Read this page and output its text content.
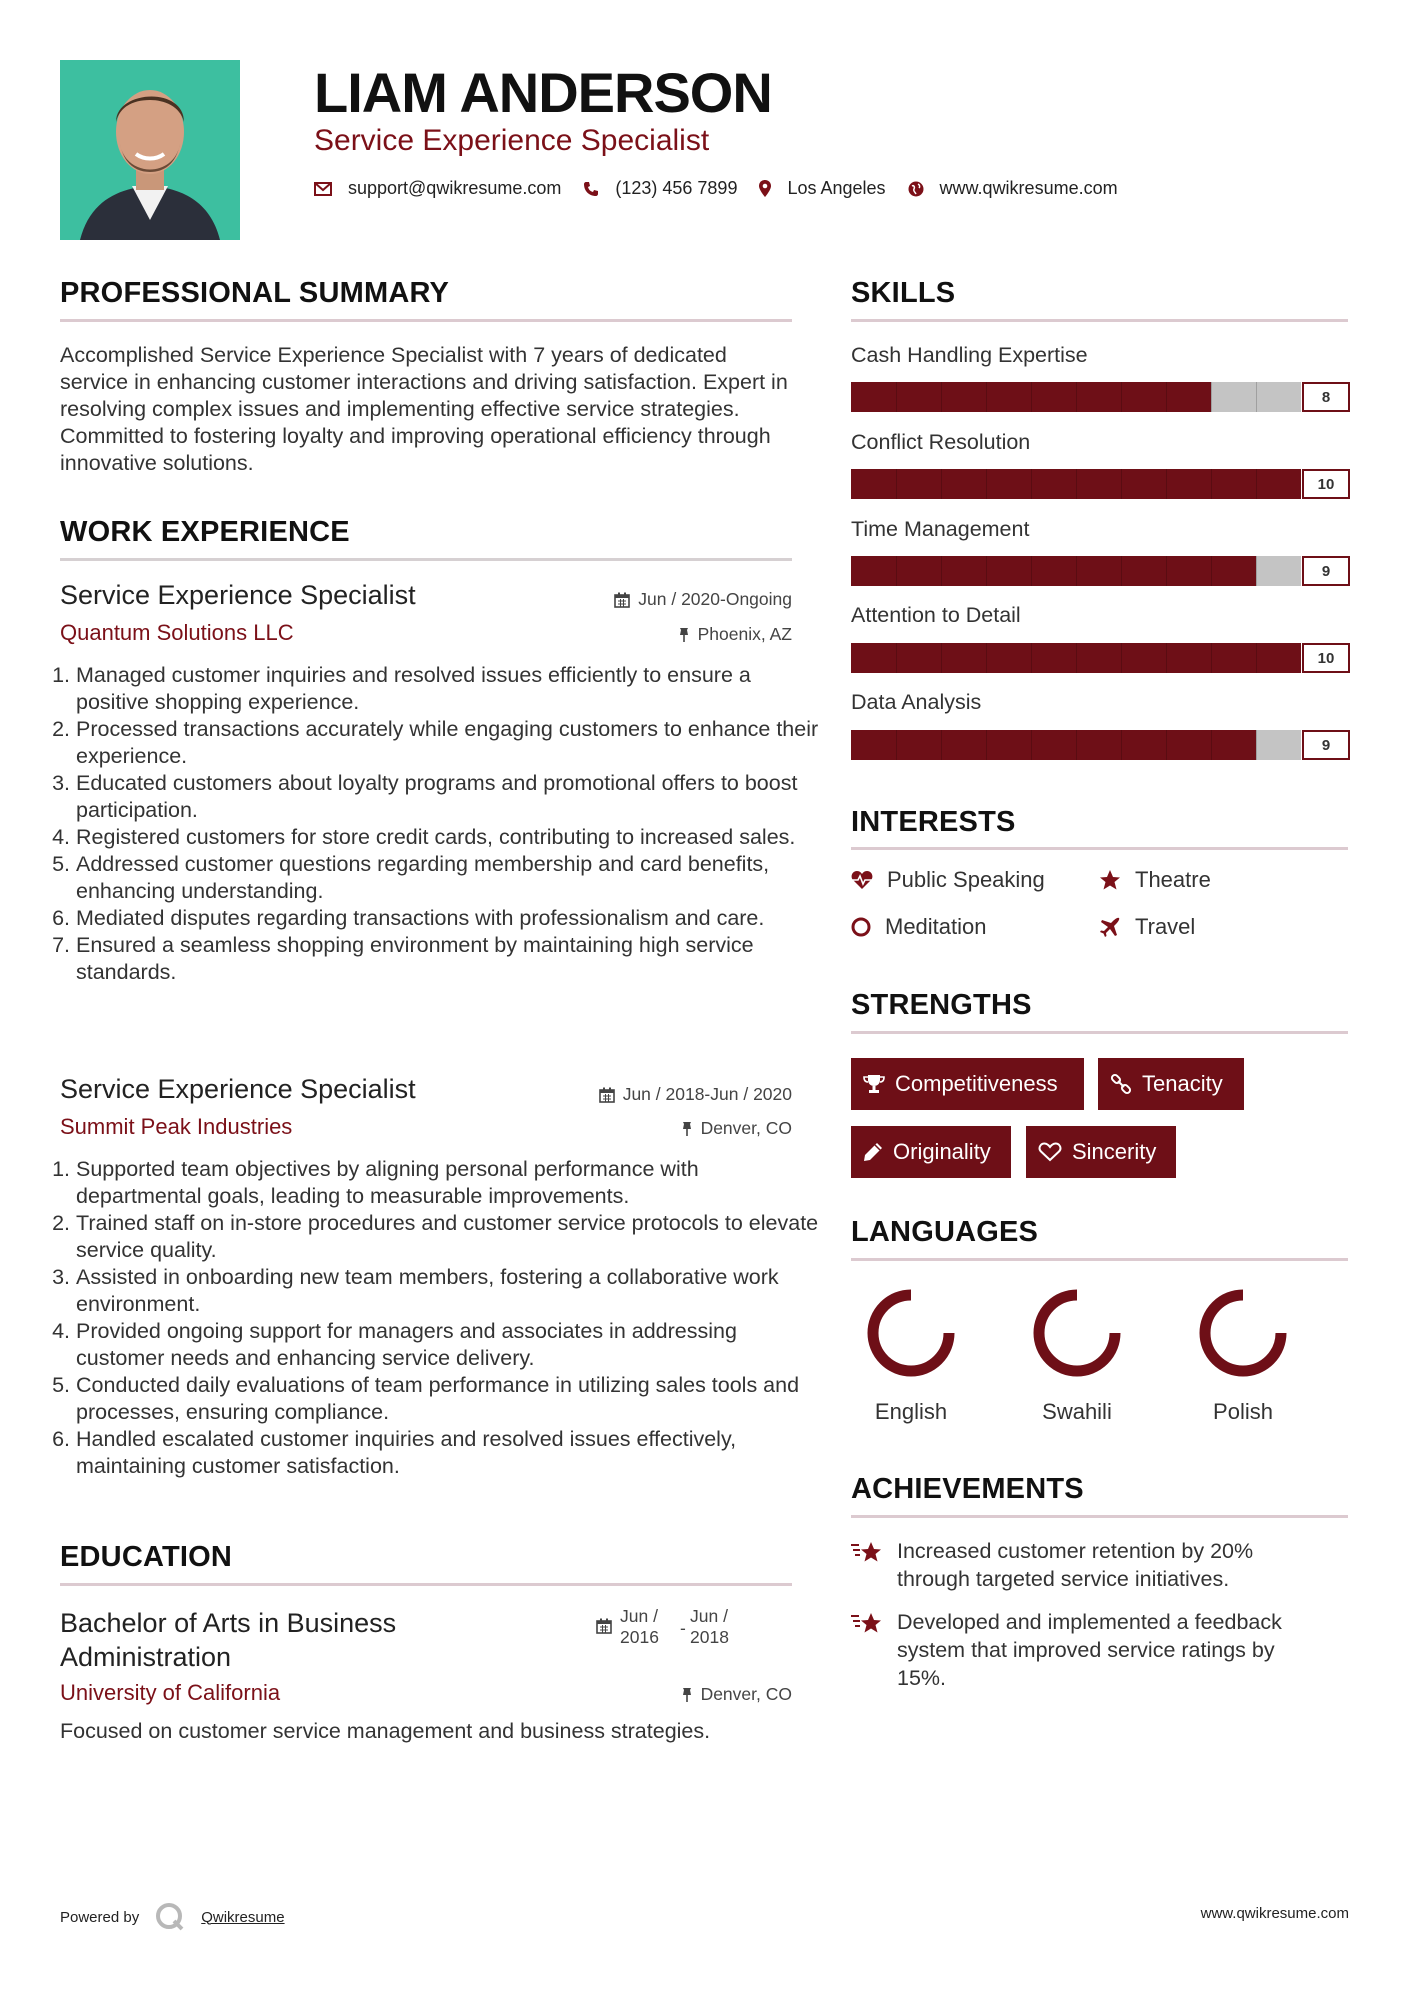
LIAM ANDERSON
Service Experience Specialist
support@qwikresume.com	(123) 456 7899	Los Angeles	www.qwikresume.com
PROFESSIONAL SUMMARY
Accomplished Service Experience Specialist with 7 years of dedicated service in enhancing customer interactions and driving satisfaction. Expert in resolving complex issues and implementing effective service strategies. Committed to fostering loyalty and improving operational efficiency through innovative solutions.
WORK EXPERIENCE
Service Experience Specialist	Jun / 2020-Ongoing
Quantum Solutions LLC	Phoenix, AZ
1. Managed customer inquiries and resolved issues efficiently to ensure a positive shopping experience.
2. Processed transactions accurately while engaging customers to enhance their experience.
3. Educated customers about loyalty programs and promotional offers to boost participation.
4. Registered customers for store credit cards, contributing to increased sales.
5. Addressed customer questions regarding membership and card benefits, enhancing understanding.
6. Mediated disputes regarding transactions with professionalism and care.
7. Ensured a seamless shopping environment by maintaining high service standards.
Service Experience Specialist	Jun / 2018-Jun / 2020
Summit Peak Industries	Denver, CO
1. Supported team objectives by aligning personal performance with departmental goals, leading to measurable improvements.
2. Trained staff on in-store procedures and customer service protocols to elevate service quality.
3. Assisted in onboarding new team members, fostering a collaborative work environment.
4. Provided ongoing support for managers and associates in addressing customer needs and enhancing service delivery.
5. Conducted daily evaluations of team performance in utilizing sales tools and processes, ensuring compliance.
6. Handled escalated customer inquiries and resolved issues effectively, maintaining customer satisfaction.
EDUCATION
Bachelor of Arts in Business
Administration
Jun /
2016	-
Jun /
2018
University of California	Denver, CO
Focused on customer service management and business strategies.
SKILLS
Cash Handling Expertise
8
Conflict Resolution
10
Time Management
9
Attention to Detail
10
Data Analysis
9
INTERESTS
Public Speaking	Theatre
Meditation	Travel
STRENGTHS
Competitiveness	Tenacity
Originality	Sincerity
LANGUAGES
English	Swahili	Polish
ACHIEVEMENTS
Increased customer retention by 20% through targeted service initiatives.
Developed and implemented a feedback system that improved service ratings by 15%.
Powered by	Qwikresume	www.qwikresume.com
